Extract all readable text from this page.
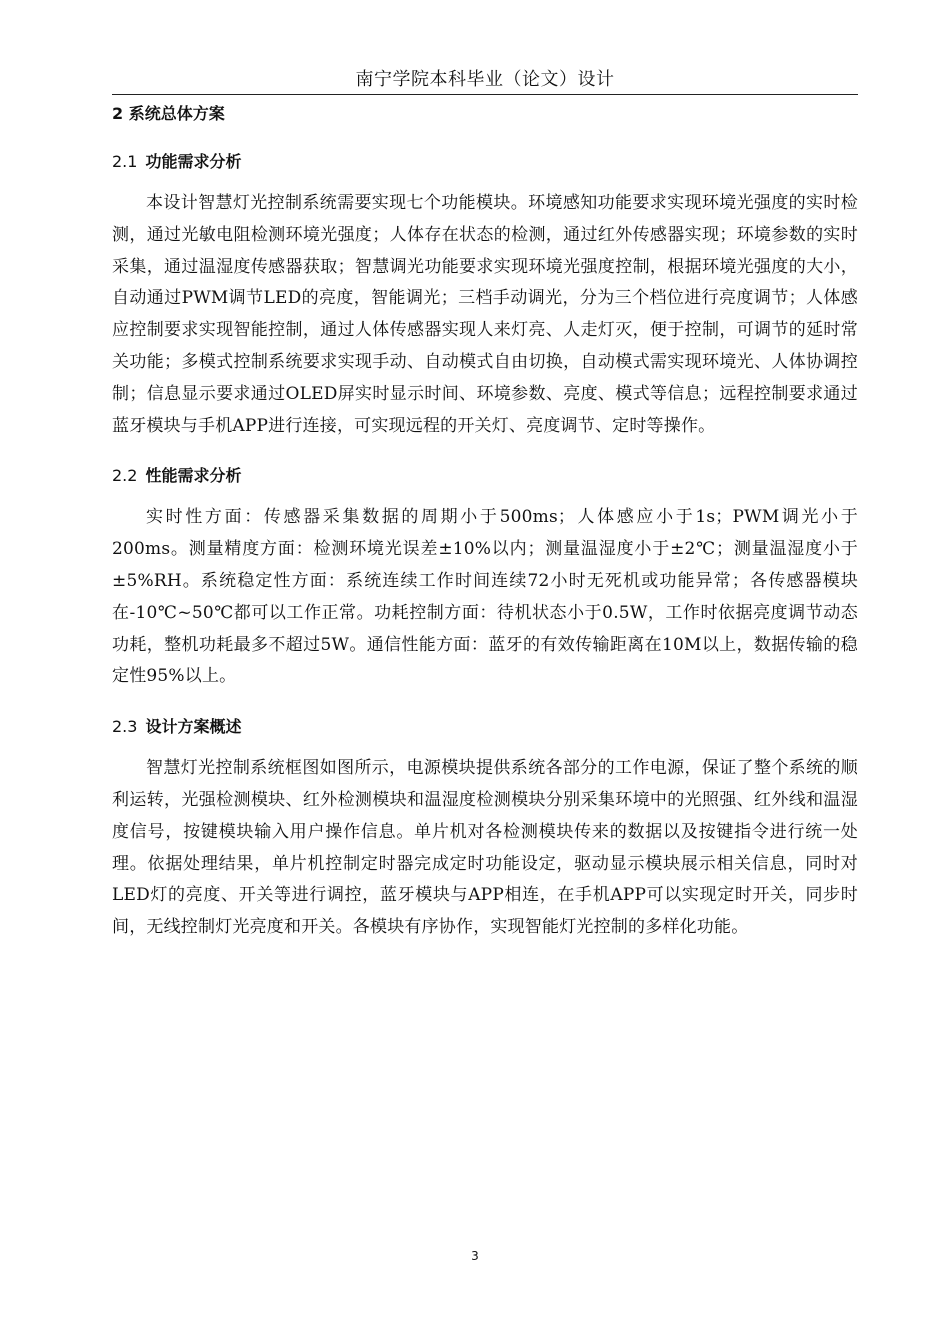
南宁学院本科毕业（论文）设计
2 系统总体方案
2.1 功能需求分析

本设计智慧灯光控制系统需要实现七个功能模块。环境感知功能要求实现环境光强度的实时检测，通过光敏电阻检测环境光强度；人体存在状态的检测，通过红外传感器实现；环境参数的实时采集，通过温湿度传感器获取；智慧调光功能要求实现环境光强度控制，根据环境光强度的大小，自动通过PWM调节LED的亮度，智能调光；三档手动调光，分为三个档位进行亮度调节；人体感应控制要求实现智能控制，通过人体传感器实现人来灯亮、人走灯灭，便于控制，可调节的延时常关功能；多模式控制系统要求实现手动、自动模式自由切换，自动模式需实现环境光、人体协调控制；信息显示要求通过OLED屏实时显示时间、环境参数、亮度、模式等信息；远程控制要求通过蓝牙模块与手机APP进行连接，可实现远程的开关灯、亮度调节、定时等操作。

2.2 性能需求分析

实时性方面：传感器采集数据的周期小于500ms；人体感应小于1s；PWM调光小于200ms。测量精度方面：检测环境光误差±10%以内；测量温湿度小于±2℃；测量温湿度小于±5%RH。系统稳定性方面：系统连续工作时间连续72小时无死机或功能异常；各传感器模块在-10℃~50℃都可以工作正常。功耗控制方面：待机状态小于0.5W，工作时依据亮度调节动态功耗，整机功耗最多不超过5W。通信性能方面：蓝牙的有效传输距离在10M以上，数据传输的稳定性95%以上。

2.3 设计方案概述

智慧灯光控制系统框图如图所示，电源模块提供系统各部分的工作电源，保证了整个系统的顺利运转，光强检测模块、红外检测模块和温湿度检测模块分别采集环境中的光照强、红外线和温湿度信号，按键模块输入用户操作信息。单片机对各检测模块传来的数据以及按键指令进行统一处理。依据处理结果，单片机控制定时器完成定时功能设定，驱动显示模块展示相关信息，同时对LED灯的亮度、开关等进行调控，蓝牙模块与APP相连，在手机APP可以实现定时开关，同步时间，无线控制灯光亮度和开关。各模块有序协作，实现智能灯光控制的多样化功能。

3
